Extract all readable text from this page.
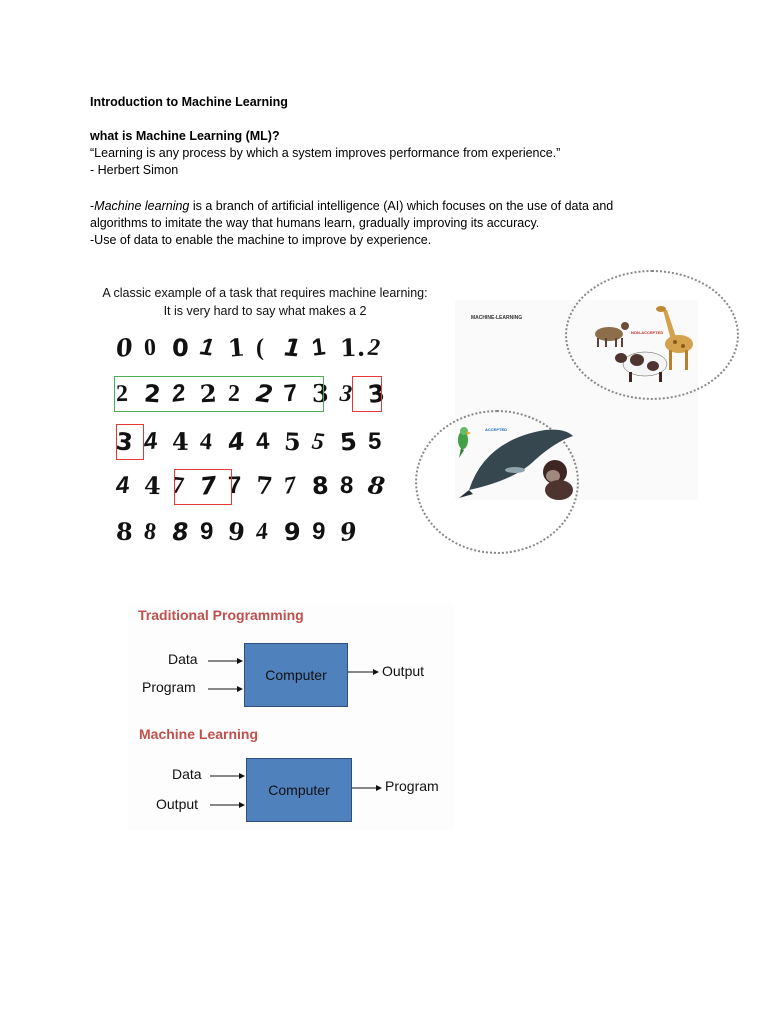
Introduction to Machine Learning
what is Machine Learning (ML)?
“Learning is any process by which a system improves performance from experience.”
- Herbert Simon
-Machine learning is a branch of artificial intelligence (AI) which focuses on the use of data and algorithms to imitate the way that humans learn, gradually improving its accuracy.
-Use of data to enable the machine to improve by experience.
A classic example of a task that requires machine learning:
It is very hard to say what makes a 2
0 0 0 1 1 ( 1 1 1. 2
2 2 2 2 2 2 7 3 3 3
3 4 4 4 4 4 5 5 5 5
4 4 7 7 7 7 7 8 8 8
8 8 8 9 9 4 9 9 9
MACHINE-LEARNING
NON-ACCEPTED
ACCEPTED
Traditional Programming
Data
Program
Computer	Output
Machine Learning
Data
Output
Computer	Program
